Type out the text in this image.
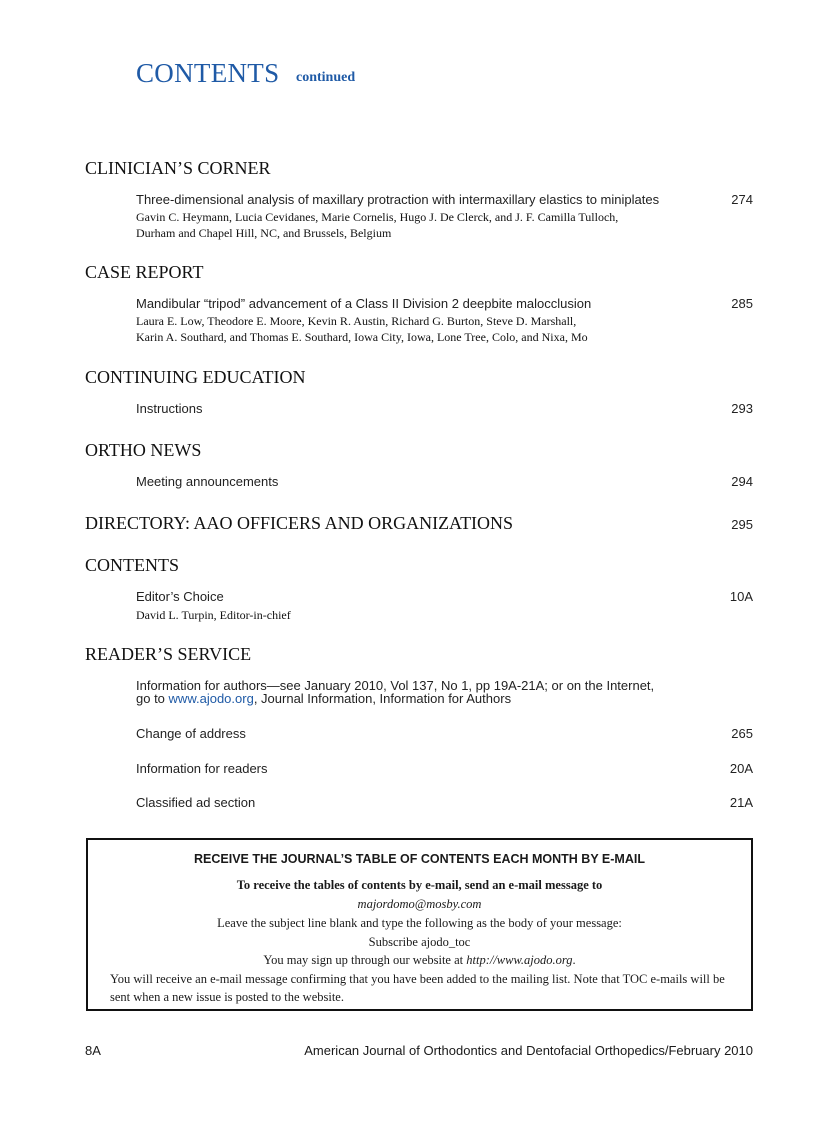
CONTENTS continued
CLINICIAN’S CORNER
Three-dimensional analysis of maxillary protraction with intermaxillary elastics to miniplates	274
Gavin C. Heymann, Lucia Cevidanes, Marie Cornelis, Hugo J. De Clerck, and J. F. Camilla Tulloch,
Durham and Chapel Hill, NC, and Brussels, Belgium
CASE REPORT
Mandibular “tripod” advancement of a Class II Division 2 deepbite malocclusion	285
Laura E. Low, Theodore E. Moore, Kevin R. Austin, Richard G. Burton, Steve D. Marshall,
Karin A. Southard, and Thomas E. Southard, Iowa City, Iowa, Lone Tree, Colo, and Nixa, Mo
CONTINUING EDUCATION
Instructions	293
ORTHO NEWS
Meeting announcements	294
DIRECTORY: AAO OFFICERS AND ORGANIZATIONS	295
CONTENTS
Editor’s Choice	10A
David L. Turpin, Editor-in-chief
READER’S SERVICE
Information for authors—see January 2010, Vol 137, No 1, pp 19A-21A; or on the Internet,
go to www.ajodo.org, Journal Information, Information for Authors
Change of address	265
Information for readers	20A
Classified ad section	21A
RECEIVE THE JOURNAL’S TABLE OF CONTENTS EACH MONTH BY E-MAIL
To receive the tables of contents by e-mail, send an e-mail message to
majordomo@mosby.com
Leave the subject line blank and type the following as the body of your message:
Subscribe ajodo_toc
You may sign up through our website at http://www.ajodo.org.
You will receive an e-mail message confirming that you have been added to the mailing list. Note that TOC e-mails will be sent when a new issue is posted to the website.
8A	American Journal of Orthodontics and Dentofacial Orthopedics/February 2010
